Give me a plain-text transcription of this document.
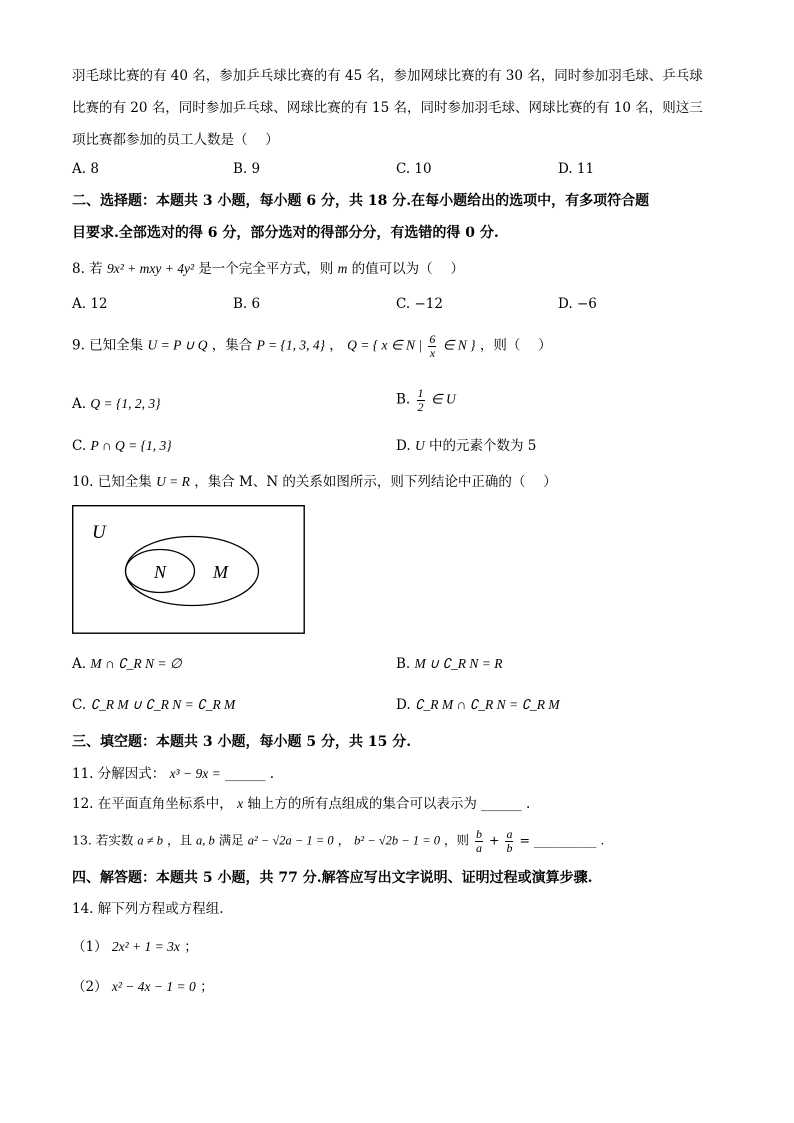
羽毛球比赛的有 40 名，参加乒乓球比赛的有 45 名，参加网球比赛的有 30 名，同时参加羽毛球、乒乓球
比赛的有 20 名，同时参加乒乓球、网球比赛的有 15 名，同时参加羽毛球、网球比赛的有 10 名，则这三
项比赛都参加的员工人数是（　 ）
A. 8	B. 9	C. 10	D. 11
二、选择题：本题共 3 小题，每小题 6 分，共 18 分.在每小题给出的选项中，有多项符合题
目要求.全部选对的得 6 分，部分选对的得部分分，有选错的得 0 分.
8. 若 9x² + mxy + 4y² 是一个完全平方式，则 m 的值可以为（　 ）
A. 12	B. 6	C. −12	D. −6
9. 已知全集 U = P ∪ Q ，集合 P = {1, 3, 4} ， Q = { x ∈ N | $\frac{6}{x}$ ∈ N } ，则（　 ）
A. Q = {1, 2, 3}	B. $\frac{1}{2}$ ∈ U
C. P ∩ Q = {1, 3}	D. U 中的元素个数为 5
10. 已知全集 U = R ，集合 M、N 的关系如图所示，则下列结论中正确的（　 ）
U
N	M
A. M ∩ ∁_R N = ∅	B. M ∪ ∁_R N = R
C. ∁_R M ∪ ∁_R N = ∁_R M	D. ∁_R M ∩ ∁_R N = ∁_R M
三、填空题：本题共 3 小题，每小题 5 分，共 15 分.
11. 分解因式： x³ − 9x = ______ .
12. 在平面直角坐标系中， x 轴上方的所有点组成的集合可以表示为 ______ .
13. 若实数 a ≠ b ，且 a, b 满足 a² − √2a − 1 = 0 ， b² − √2b − 1 = 0 ，则 $\frac{b}{a} + \frac{a}{b}$ = __________ .
四、解答题：本题共 5 小题，共 77 分.解答应写出文字说明、证明过程或演算步骤.
14. 解下列方程或方程组.
（1） 2x² + 1 = 3x ；
（2） x² − 4x − 1 = 0 ；
